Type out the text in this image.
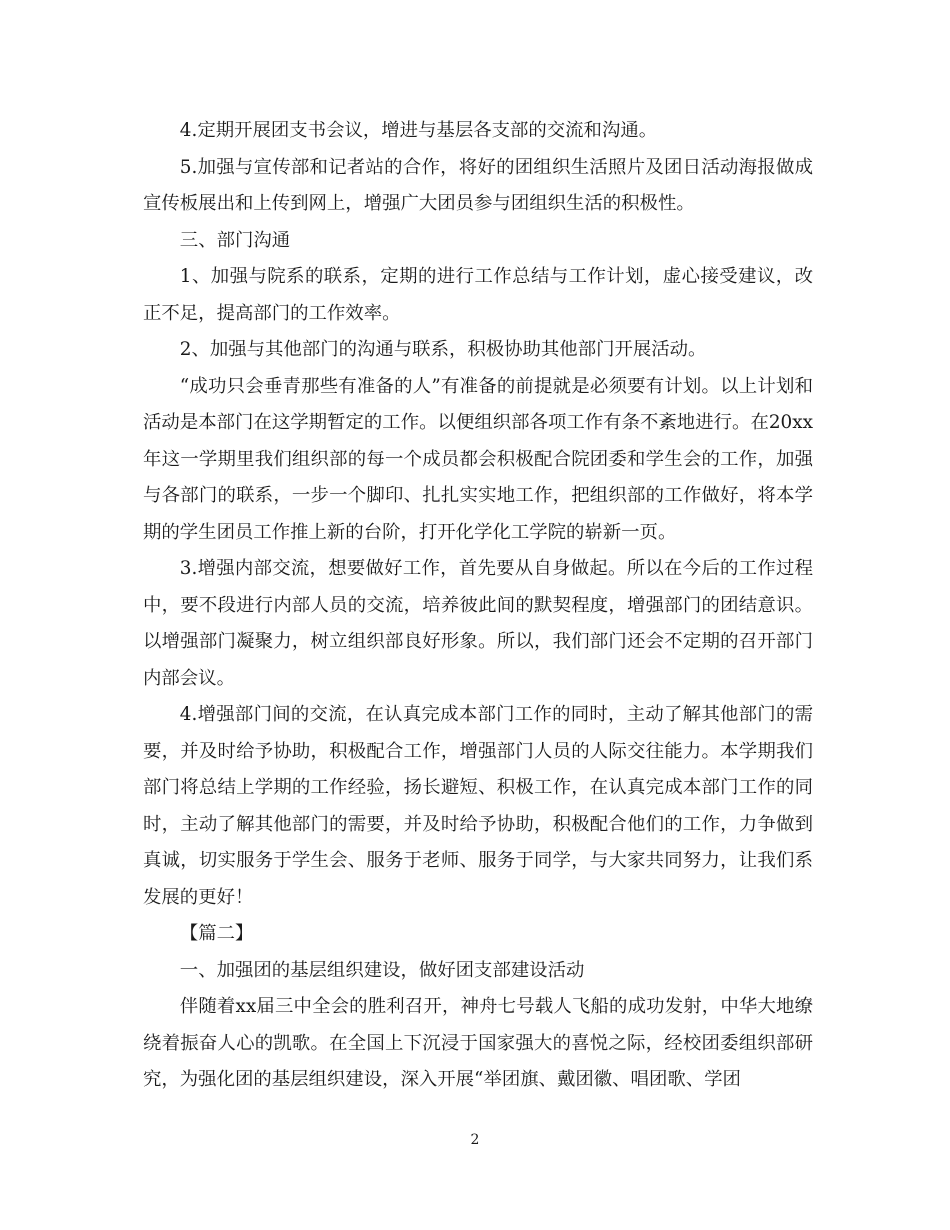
4.定期开展团支书会议，增进与基层各支部的交流和沟通。

5.加强与宣传部和记者站的合作，将好的团组织生活照片及团日活动海报做成宣传板展出和上传到网上，增强广大团员参与团组织生活的积极性。

三、部门沟通

1、加强与院系的联系，定期的进行工作总结与工作计划，虚心接受建议，改正不足，提高部门的工作效率。

2、加强与其他部门的沟通与联系，积极协助其他部门开展活动。

“成功只会垂青那些有准备的人”有准备的前提就是必须要有计划。以上计划和活动是本部门在这学期暂定的工作。以便组织部各项工作有条不紊地进行。在20xx年这一学期里我们组织部的每一个成员都会积极配合院团委和学生会的工作，加强与各部门的联系，一步一个脚印、扎扎实实地工作，把组织部的工作做好，将本学期的学生团员工作推上新的台阶，打开化学化工学院的崭新一页。

3.增强内部交流，想要做好工作，首先要从自身做起。所以在今后的工作过程中，要不段进行内部人员的交流，培养彼此间的默契程度，增强部门的团结意识。以增强部门凝聚力，树立组织部良好形象。所以，我们部门还会不定期的召开部门内部会议。

4.增强部门间的交流，在认真完成本部门工作的同时，主动了解其他部门的需要，并及时给予协助，积极配合工作，增强部门人员的人际交往能力。本学期我们部门将总结上学期的工作经验，扬长避短、积极工作，在认真完成本部门工作的同时，主动了解其他部门的需要，并及时给予协助，积极配合他们的工作，力争做到真诚，切实服务于学生会、服务于老师、服务于同学，与大家共同努力，让我们系发展的更好！

【篇二】

一、加强团的基层组织建设，做好团支部建设活动

伴随着xx届三中全会的胜利召开，神舟七号载人飞船的成功发射，中华大地缭绕着振奋人心的凯歌。在全国上下沉浸于国家强大的喜悦之际，经校团委组织部研究，为强化团的基层组织建设，深入开展“举团旗、戴团徽、唱团歌、学团

2
